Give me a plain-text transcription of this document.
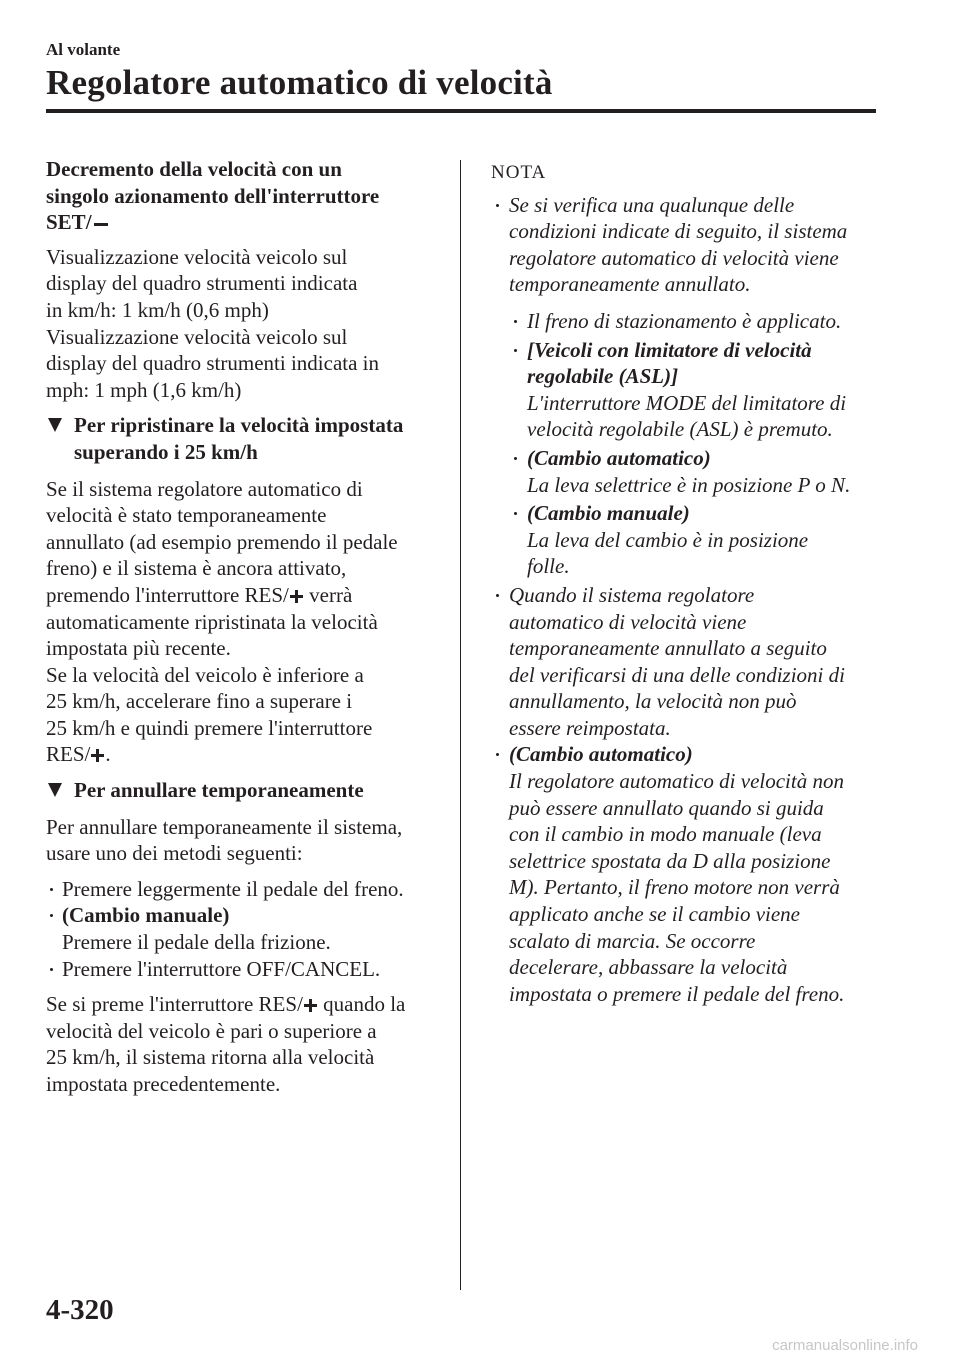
Al volante
Regolatore automatico di velocità
Decremento della velocità con un
singolo azionamento dell'interruttore
SET/
Visualizzazione velocità veicolo sul
display del quadro strumenti indicata
in km/h: 1 km/h (0,6 mph)
Visualizzazione velocità veicolo sul
display del quadro strumenti indicata in
mph: 1 mph (1,6 km/h)
Per ripristinare la velocità impostata
superando i 25 km/h
Se il sistema regolatore automatico di
velocità è stato temporaneamente
annullato (ad esempio premendo il pedale
freno) e il sistema è ancora attivato,
premendo l'interruttore RES/ verrà
automaticamente ripristinata la velocità
impostata più recente.
Se la velocità del veicolo è inferiore a
25 km/h, accelerare fino a superare i
25 km/h e quindi premere l'interruttore
RES/ .
Per annullare temporaneamente
Per annullare temporaneamente il sistema,
usare uno dei metodi seguenti:
Premere leggermente il pedale del freno.
(Cambio manuale)
Premere il pedale della frizione.
Premere l'interruttore OFF/CANCEL.
Se si preme l'interruttore RES/ quando la
velocità del veicolo è pari o superiore a
25 km/h, il sistema ritorna alla velocità
impostata precedentemente.
NOTA
Se si verifica una qualunque delle
condizioni indicate di seguito, il sistema
regolatore automatico di velocità viene
temporaneamente annullato.
Il freno di stazionamento è applicato.
[Veicoli con limitatore di velocità
regolabile (ASL)]
L'interruttore MODE del limitatore di
velocità regolabile (ASL) è premuto.
(Cambio automatico)
La leva selettrice è in posizione P o N.
(Cambio manuale)
La leva del cambio è in posizione
folle.
Quando il sistema regolatore
automatico di velocità viene
temporaneamente annullato a seguito
del verificarsi di una delle condizioni di
annullamento, la velocità non può
essere reimpostata.
(Cambio automatico)
Il regolatore automatico di velocità non
può essere annullato quando si guida
con il cambio in modo manuale (leva
selettrice spostata da D alla posizione
M). Pertanto, il freno motore non verrà
applicato anche se il cambio viene
scalato di marcia. Se occorre
decelerare, abbassare la velocità
impostata o premere il pedale del freno.
4-320
carmanualsonline.info
